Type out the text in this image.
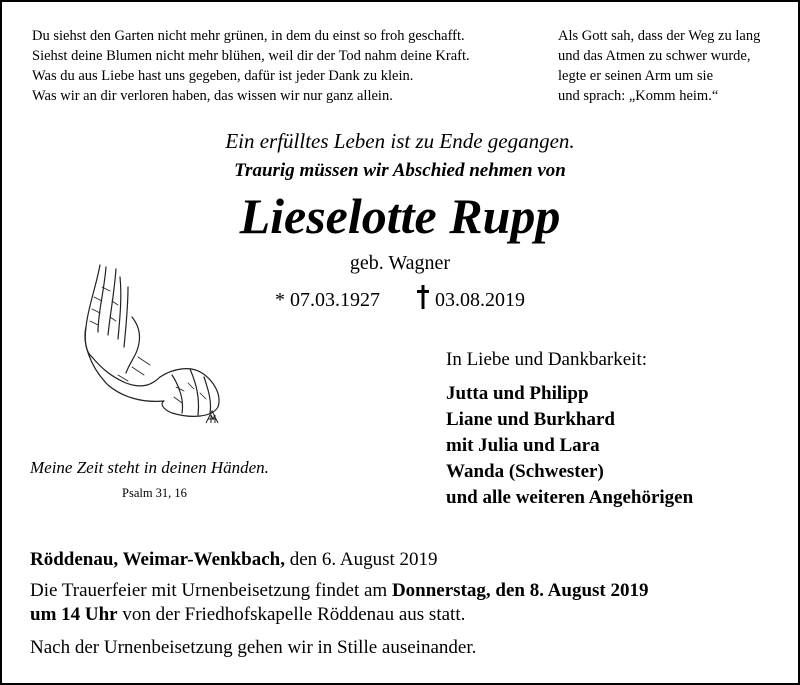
Du siehst den Garten nicht mehr grünen, in dem du einst so froh geschafft.
Siehst deine Blumen nicht mehr blühen, weil dir der Tod nahm deine Kraft.
Was du aus Liebe hast uns gegeben, dafür ist jeder Dank zu klein.
Was wir an dir verloren haben, das wissen wir nur ganz allein.
Als Gott sah, dass der Weg zu lang
und das Atmen zu schwer wurde,
legte er seinen Arm um sie
und sprach: „Komm heim.“
Ein erfülltes Leben ist zu Ende gegangen.
Traurig müssen wir Abschied nehmen von
Lieselotte Rupp
geb. Wagner
* 07.03.1927	03.08.2019
Meine Zeit steht in deinen Händen.
Psalm 31, 16
In Liebe und Dankbarkeit:
Jutta und Philipp
Liane und Burkhard
mit Julia und Lara
Wanda (Schwester)
und alle weiteren Angehörigen
Röddenau, Weimar-Wenkbach, den 6. August 2019
Die Trauerfeier mit Urnenbeisetzung findet am Donnerstag, den 8. August 2019
um 14 Uhr von der Friedhofskapelle Röddenau aus statt.
Nach der Urnenbeisetzung gehen wir in Stille auseinander.
